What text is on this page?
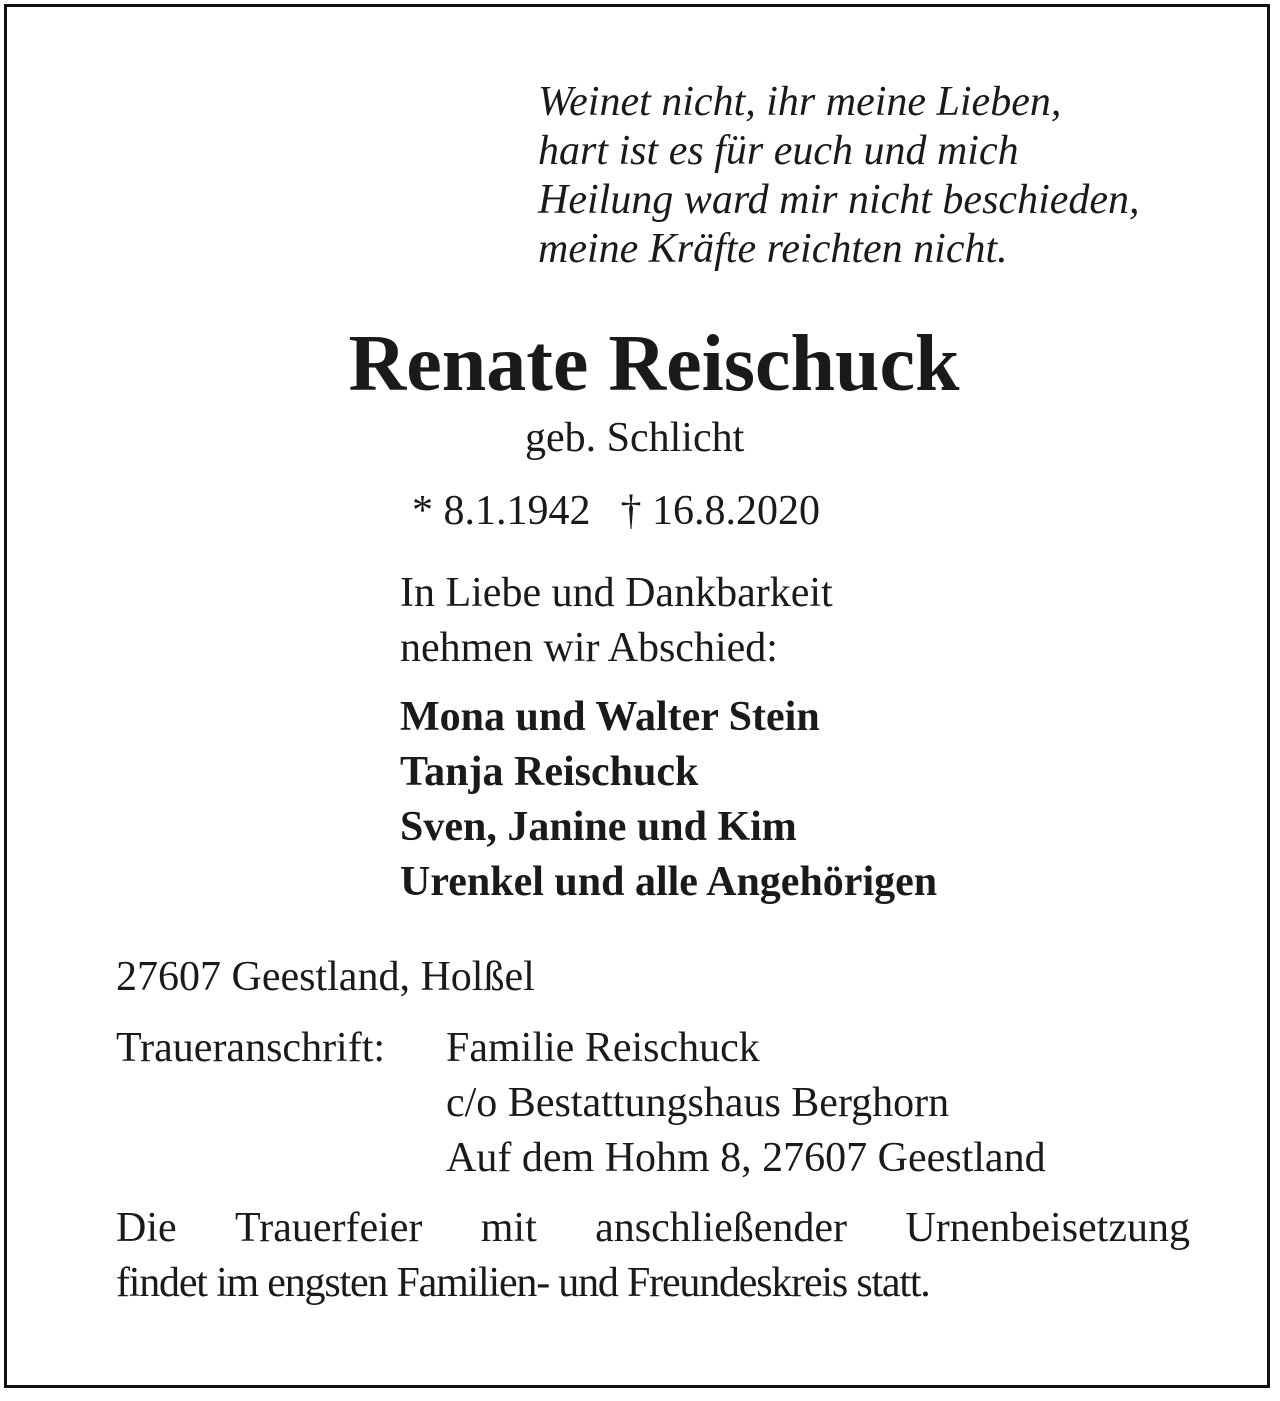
Weinet nicht, ihr meine Lieben,
hart ist es für euch und mich
Heilung ward mir nicht beschieden,
meine Kräfte reichten nicht.
Renate Reischuck
geb. Schlicht
* 8.1.1942 † 16.8.2020
In Liebe und Dankbarkeit
nehmen wir Abschied:
Mona und Walter Stein
Tanja Reischuck
Sven, Janine und Kim
Urenkel und alle Angehörigen
27607 Geestland, Holßel
Traueranschrift: Familie Reischuck
c/o Bestattungshaus Berghorn
Auf dem Hohm 8, 27607 Geestland
Die Trauerfeier mit anschließender Urnenbeisetzung
findet im engsten Familien- und Freundeskreis statt.
